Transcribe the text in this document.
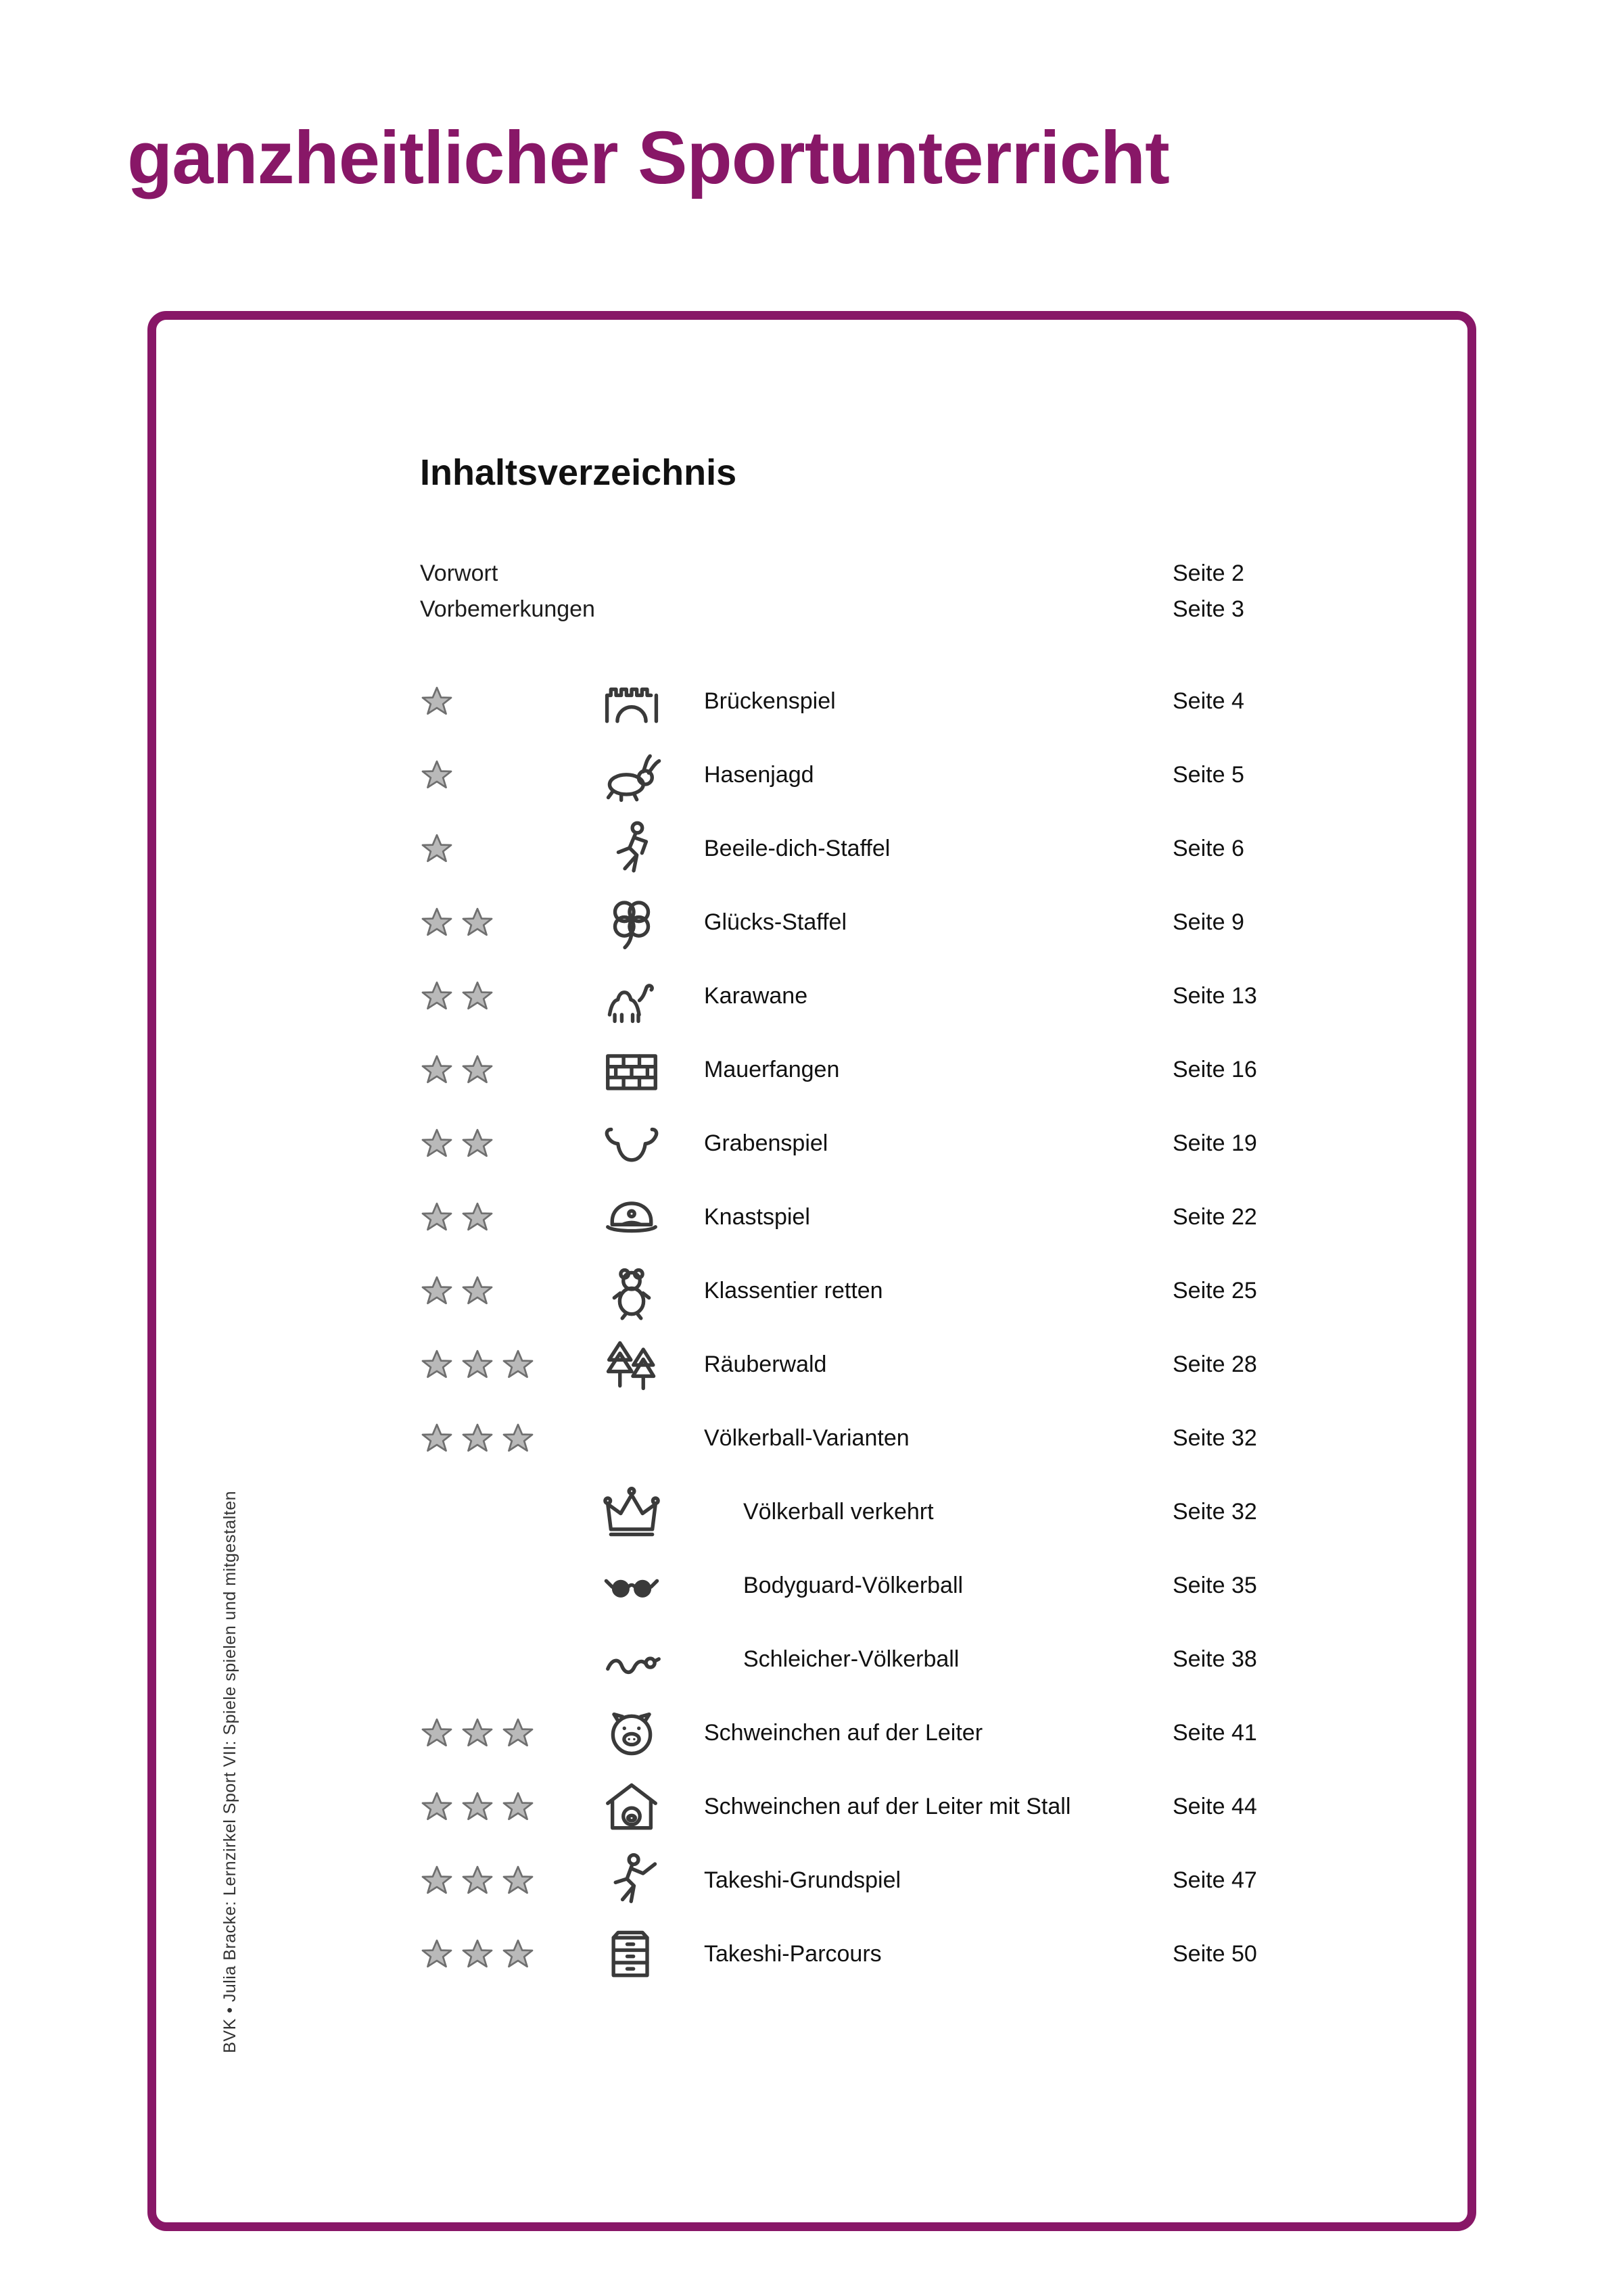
ganzheitlicher Sportunterricht
BVK • Julia Bracke: Lernzirkel Sport VII: Spiele spielen und mitgestalten
Inhaltsverzeichnis
Vorwort	Seite 2
Vorbemerkungen	Seite 3
Brückenspiel	Seite 4
Hasenjagd	Seite 5
Beeile-dich-Staffel	Seite 6
Glücks-Staffel	Seite 9
Karawane	Seite 13
Mauerfangen	Seite 16
Grabenspiel	Seite 19
Knastspiel	Seite 22
Klassentier retten	Seite 25
Räuberwald	Seite 28
Völkerball-Varianten	Seite 32
Völkerball verkehrt	Seite 32
Bodyguard-Völkerball	Seite 35
Schleicher-Völkerball	Seite 38
Schweinchen auf der Leiter	Seite 41
Schweinchen auf der Leiter mit Stall	Seite 44
Takeshi-Grundspiel	Seite 47
Takeshi-Parcours	Seite 50
